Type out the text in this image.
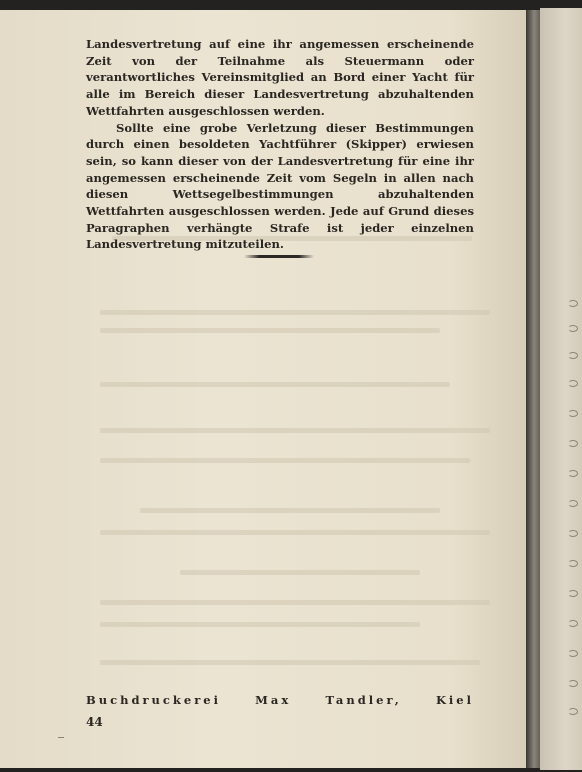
Landesvertretung auf eine ihr angemessen erscheinende Zeit von der Teilnahme als Steuermann oder verantwortliches Vereinsmitglied an Bord einer Yacht für alle im Bereich dieser Landesvertretung abzuhaltenden Wettfahrten ausgeschlossen werden.

Sollte eine grobe Verletzung dieser Bestimmungen durch einen besoldeten Yachtführer (Skipper) erwiesen sein, so kann dieser von der Landesvertretung für eine ihr angemessen erscheinende Zeit vom Segeln in allen nach diesen Wettsegelbestimmungen abzuhaltenden Wettfahrten ausgeschlossen werden. Jede auf Grund dieses Paragraphen verhängte Strafe ist jeder einzelnen Landesvertretung mitzuteilen.

Buchdruckerei Max Tandler, Kiel
44
